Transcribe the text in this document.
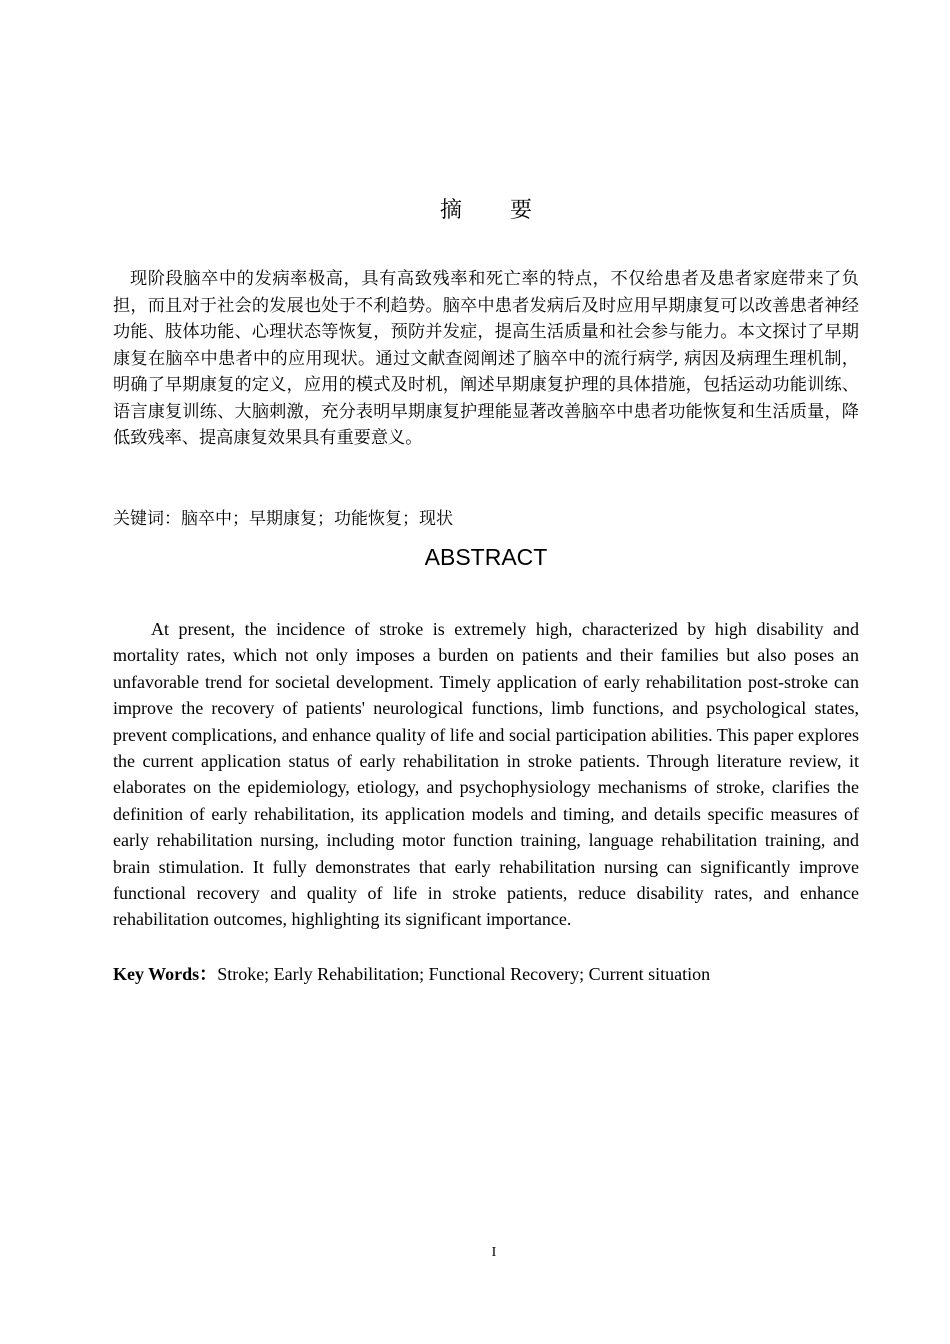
摘 要
现阶段脑卒中的发病率极高，具有高致残率和死亡率的特点，不仅给患者及患者家庭带来了负担，而且对于社会的发展也处于不利趋势。脑卒中患者发病后及时应用早期康复可以改善患者神经功能、肢体功能、心理状态等恢复，预防并发症，提高生活质量和社会参与能力。本文探讨了早期康复在脑卒中患者中的应用现状。通过文献查阅阐述了脑卒中的流行病学, 病因及病理生理机制，明确了早期康复的定义，应用的模式及时机，阐述早期康复护理的具体措施，包括运动功能训练、语言康复训练、大脑刺激，充分表明早期康复护理能显著改善脑卒中患者功能恢复和生活质量，降低致残率、提高康复效果具有重要意义。
关键词：脑卒中；早期康复；功能恢复；现状
ABSTRACT
At present, the incidence of stroke is extremely high, characterized by high disability and mortality rates, which not only imposes a burden on patients and their families but also poses an unfavorable trend for societal development. Timely application of early rehabilitation post-stroke can improve the recovery of patients' neurological functions, limb functions, and psychological states, prevent complications, and enhance quality of life and social participation abilities. This paper explores the current application status of early rehabilitation in stroke patients. Through literature review, it elaborates on the epidemiology, etiology, and psychophysiology mechanisms of stroke, clarifies the definition of early rehabilitation, its application models and timing, and details specific measures of early rehabilitation nursing, including motor function training, language rehabilitation training, and brain stimulation. It fully demonstrates that early rehabilitation nursing can significantly improve functional recovery and quality of life in stroke patients, reduce disability rates, and enhance rehabilitation outcomes, highlighting its significant importance.
Key Words：Stroke; Early Rehabilitation; Functional Recovery; Current situation
I
